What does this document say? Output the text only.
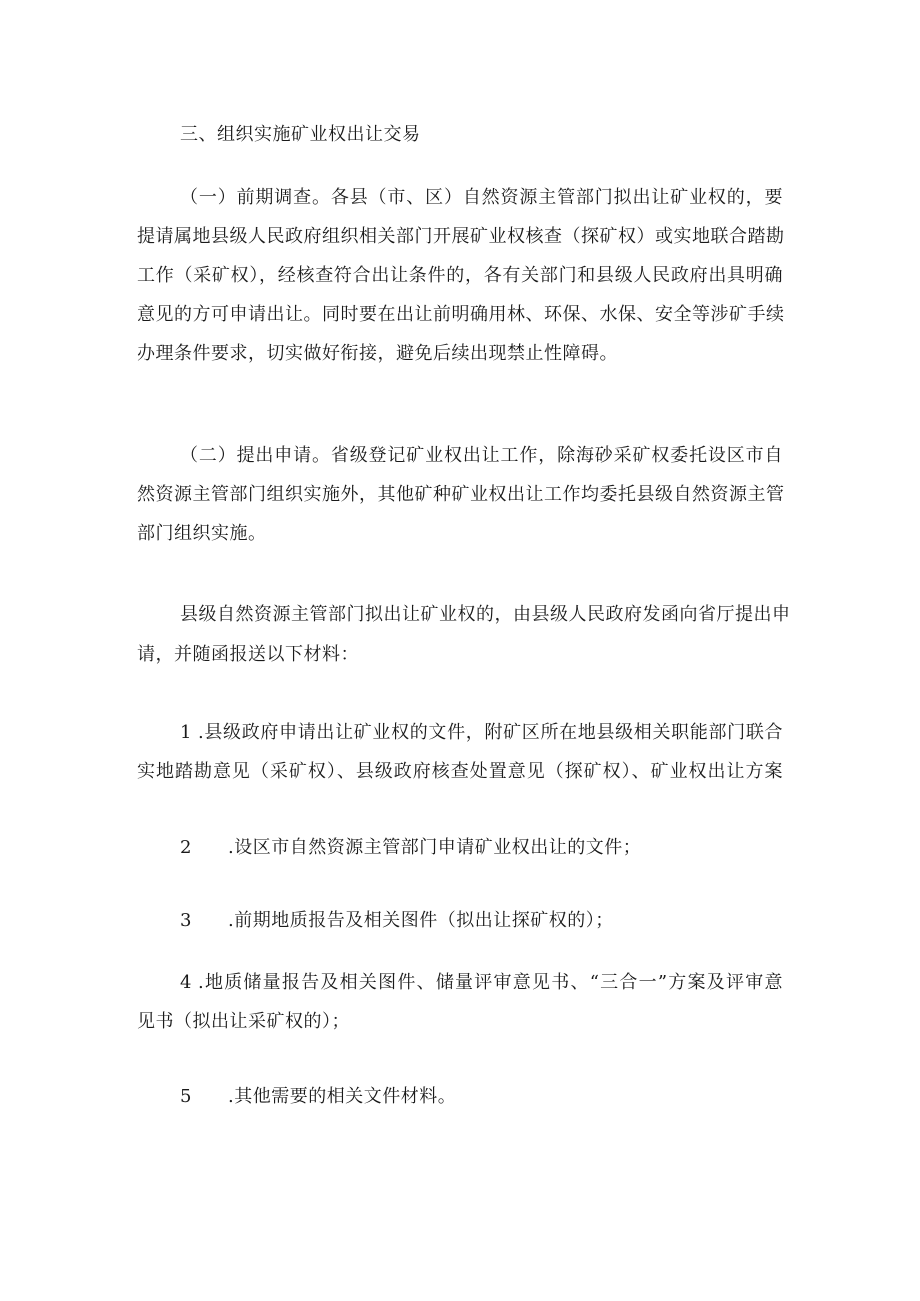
三、组织实施矿业权出让交易
（一）前期调查。各县（市、区）自然资源主管部门拟出让矿业权的，要
提请属地县级人民政府组织相关部门开展矿业权核查（探矿权）或实地联合踏勘
工作（采矿权），经核查符合出让条件的，各有关部门和县级人民政府出具明确
意见的方可申请出让。同时要在出让前明确用林、环保、水保、安全等涉矿手续
办理条件要求，切实做好衔接，避免后续出现禁止性障碍。
（二）提出申请。省级登记矿业权出让工作，除海砂采矿权委托设区市自
然资源主管部门组织实施外，其他矿种矿业权出让工作均委托县级自然资源主管
部门组织实施。
县级自然资源主管部门拟出让矿业权的，由县级人民政府发函向省厅提出申
请，并随函报送以下材料：
1 .县级政府申请出让矿业权的文件，附矿区所在地县级相关职能部门联合
实地踏勘意见（采矿权）、县级政府核查处置意见（探矿权）、矿业权出让方案
2 .设区市自然资源主管部门申请矿业权出让的文件；
3 .前期地质报告及相关图件（拟出让探矿权的）；
4 .地质储量报告及相关图件、储量评审意见书、“三合一”方案及评审意
见书（拟出让采矿权的）；
5 .其他需要的相关文件材料。
